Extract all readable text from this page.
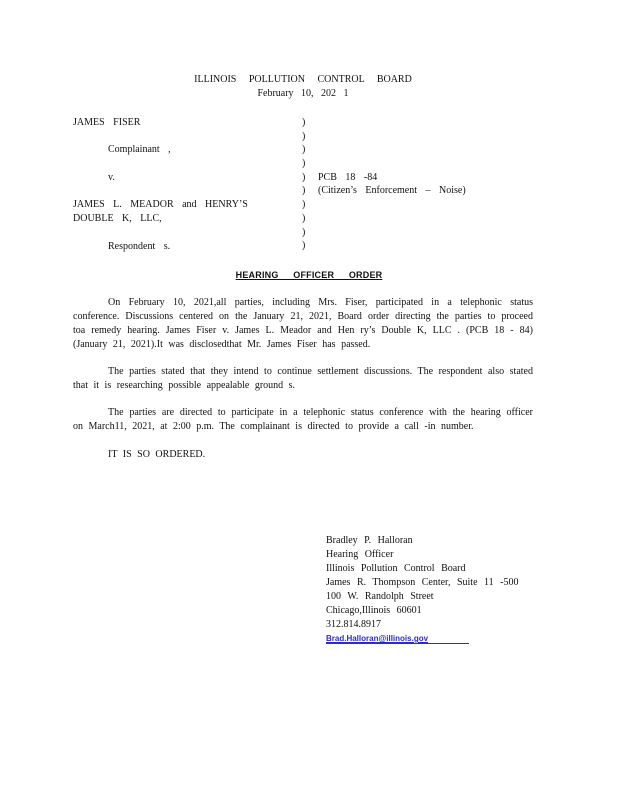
ILLINOIS POLLUTION CONTROL BOARD
February 10, 202 1
JAMES FISER
Complainant ,
v.
JAMES L. MEADOR and HENRY’S
DOUBLE K, LLC,
Respondent s.
)
)
)
)
)
)
)
)
)
)
PCB 18 -84
(Citizen’s Enforcement – Noise)
HEARING OFFICER ORDER
On February 10, 2021,all parties, including Mrs. Fiser, participated in a telephonic status conference. Discussions centered on the January 21, 2021, Board order directing the parties to proceed toa remedy hearing. James Fiser v. James L. Meador and Hen ry’s Double K, LLC . (PCB 18 - 84) (January 21, 2021).It was disclosedthat Mr. James Fiser has passed.
The parties stated that they intend to continue settlement discussions. The respondent also stated that it is researching possible appealable ground s.
The parties are directed to participate in a telephonic status conference with the hearing officer on March11, 2021, at 2:00 p.m. The complainant is directed to provide a call -in number.
IT IS SO ORDERED.
Bradley P. Halloran
Hearing Officer
Illinois Pollution Control Board
James R. Thompson Center, Suite 11 -500
100 W. Randolph Street
Chicago,Illinois 60601
312.814.8917
Brad.Halloran@illinois.gov
